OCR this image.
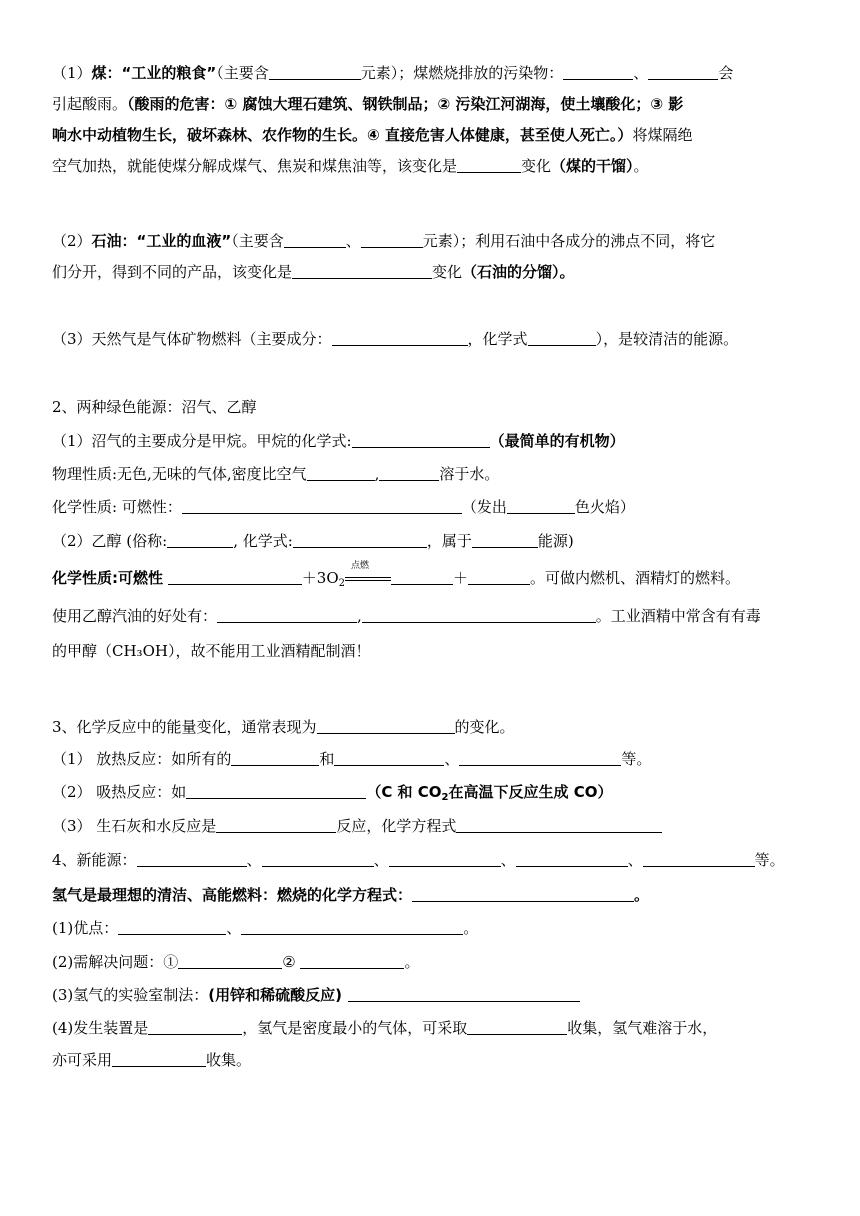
（1）煤：“工业的粮食”（主要含	元素）；煤燃烧排放的污染物：	、	会
引起酸雨。（酸雨的危害：① 腐蚀大理石建筑、钢铁制品；② 污染江河湖海，使土壤酸化；③ 影
响水中动植物生长，破坏森林、农作物的生长。④ 直接危害人体健康，甚至使人死亡。）将煤隔绝
空气加热，就能使煤分解成煤气、焦炭和煤焦油等，该变化是	变化（煤的干馏）。
（2）石油：“工业的血液”（主要含	、	元素）；利用石油中各成分的沸点不同，将它
们分开，得到不同的产品，该变化是	变化（石油的分馏）。
（3）天然气是气体矿物燃料（主要成分：	，化学式	），是较清洁的能源。
2、两种绿色能源：沼气、乙醇
（1）沼气的主要成分是甲烷。甲烷的化学式:	（最简单的有机物）
物理性质:无色,无味的气体,密度比空气	,	溶于水。
化学性质: 可燃性：	（发出	色火焰）
（2）乙醇 (俗称:	, 化学式:	，属于	能源)
化学性质:可燃性	$+3O_2$
点燃
＋	。可做内燃机、酒精灯的燃料。
使用乙醇汽油的好处有：	,	。工业酒精中常含有有毒
的甲醇（CH₃OH），故不能用工业酒精配制酒！
3、化学反应中的能量变化，通常表现为	的变化。
（1） 放热反应：如所有的	和	、	等。
（2） 吸热反应：如	（C 和 $CO_2$在高温下反应生成 CO）
（3） 生石灰和水反应是	反应，化学方程式
4、新能源：	、	、	、	、	等。
氢气是最理想的清洁、高能燃料：燃烧的化学方程式：	。
(1)优点：	、	。
(2)需解决问题：①	②	。
(3)氢气的实验室制法：(用锌和稀硫酸反应)
(4)发生装置是	，氢气是密度最小的气体，可采取	收集，氢气难溶于水，
亦可采用	收集。
